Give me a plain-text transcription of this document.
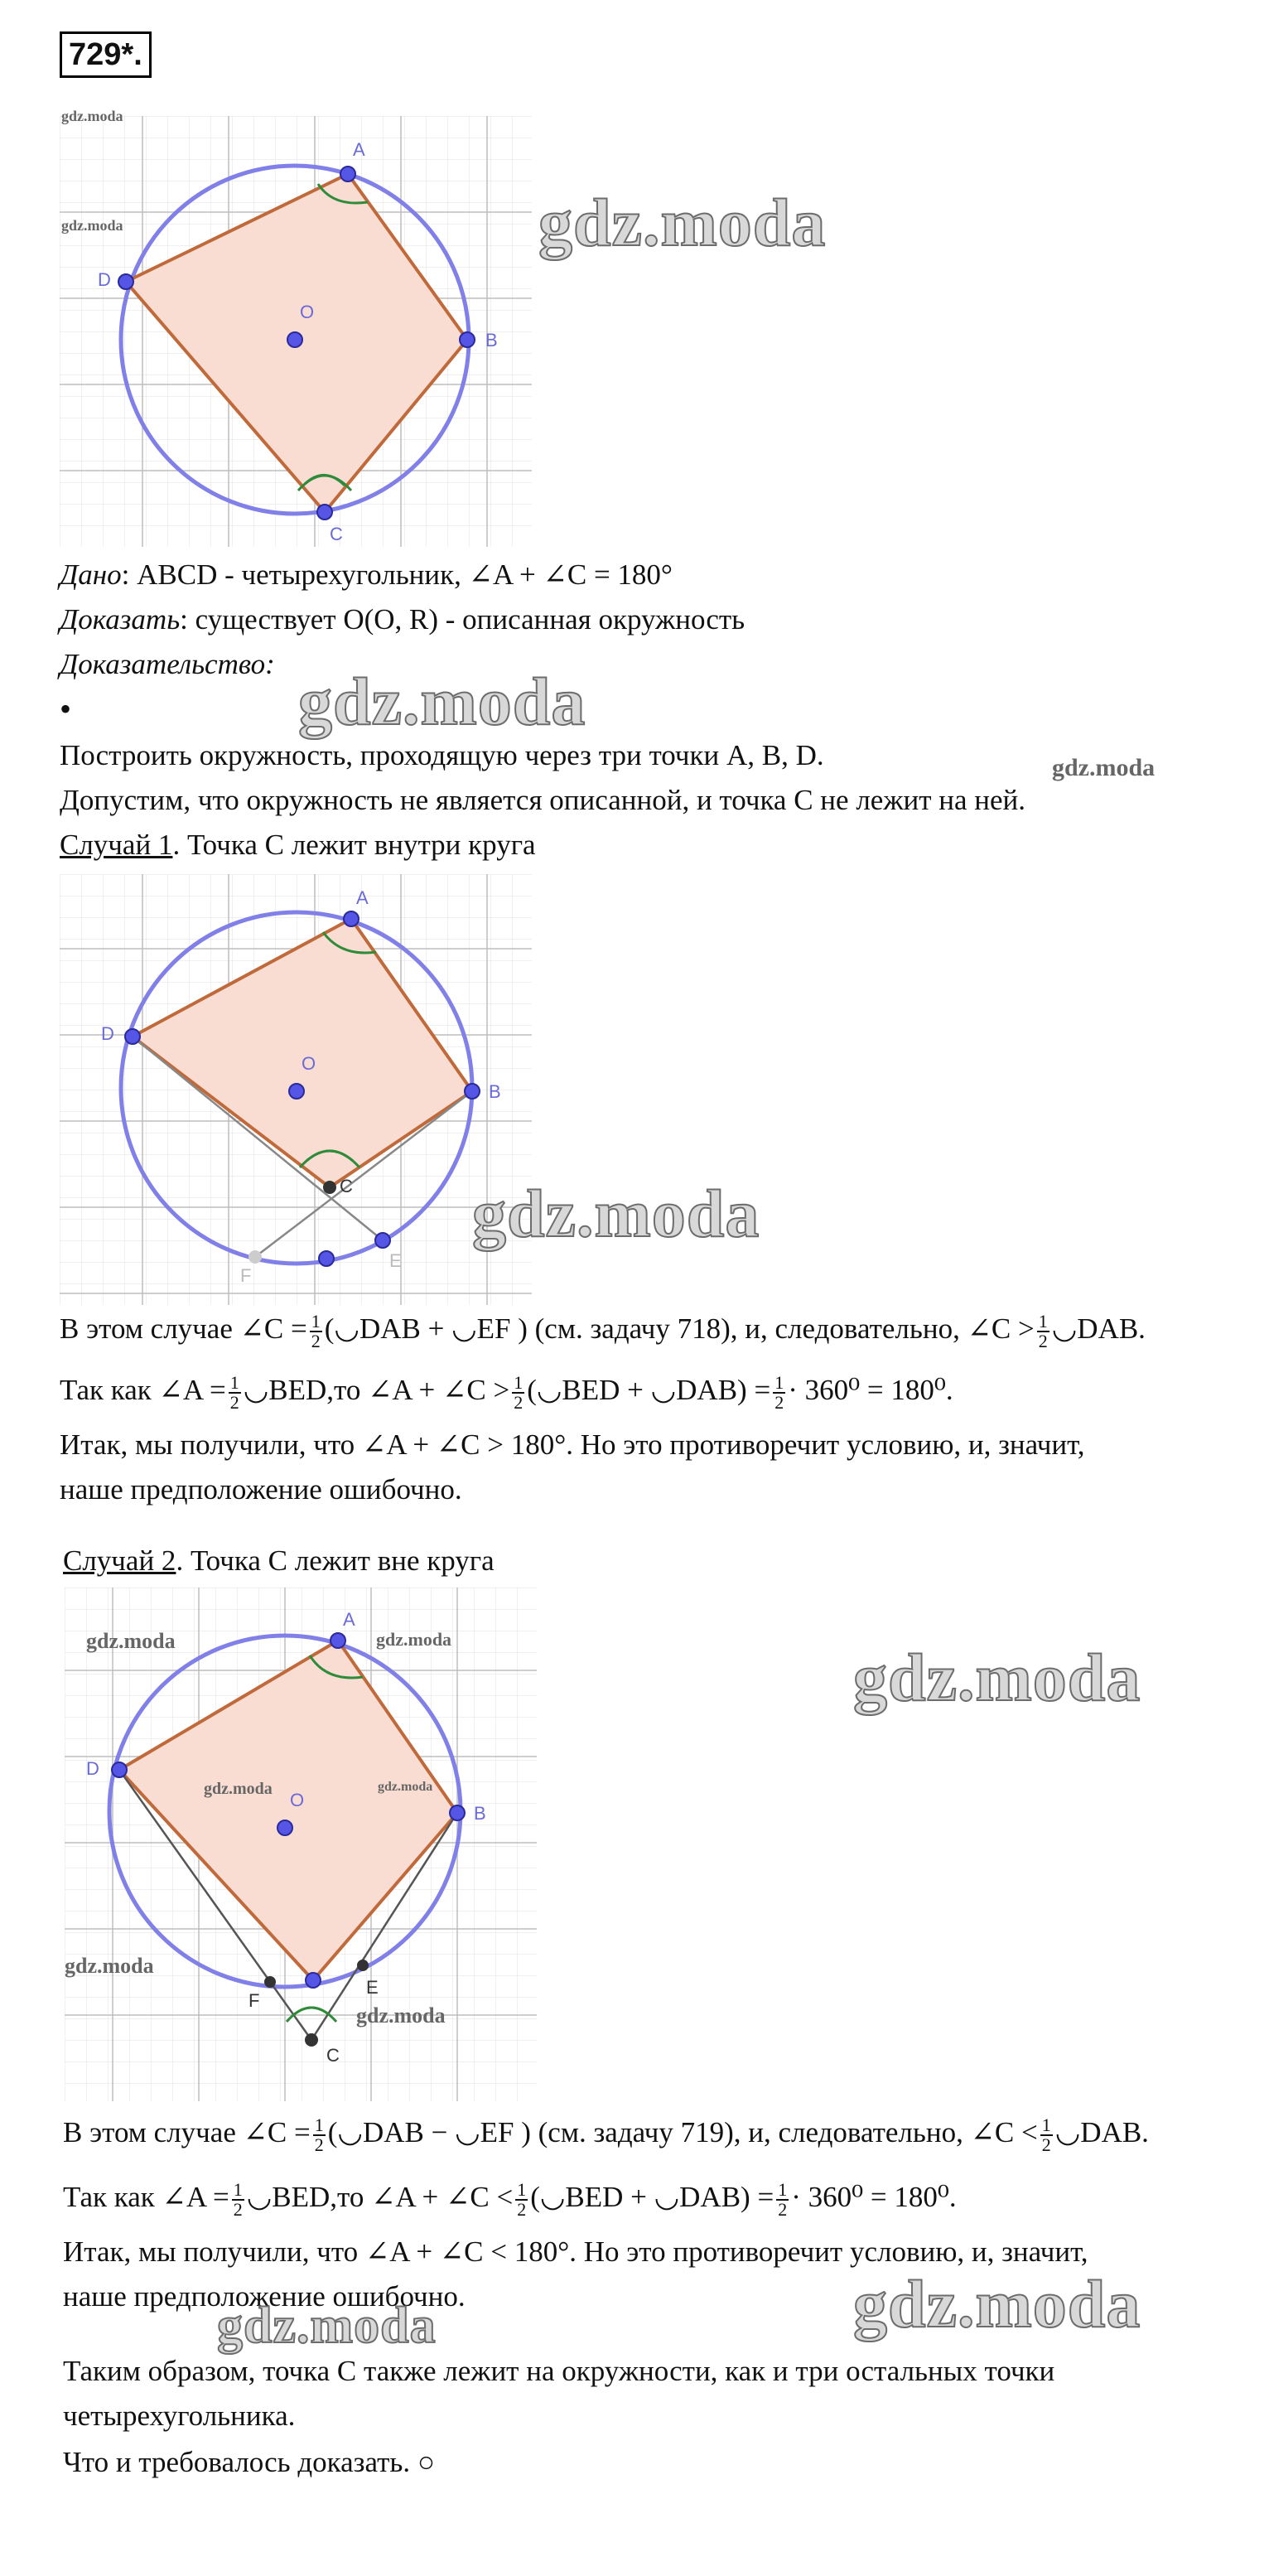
729*.
A
B
C
D
O
gdz.moda
gdz.moda	gdz.moda
Дано: ABCD - четырехугольник, ∠A + ∠C = 180°
Доказать: существует O(O, R) - описанная окружность
Доказательство:
•	gdz.moda
Построить окружность, проходящую через три точки A, B, D.	gdz.moda
Допустим, что окружность не является описанной, и точка C не лежит на ней.
Случай 1. Точка C лежит внутри круга
A
B
D
O
C
E
F
gdz.moda
В этом случае ∠C = $\frac{1}{2}$ (◡DAB + ◡EF ) (см. задачу 718), и, следовательно, ∠C > $\frac{1}{2}$ ◡DAB.
Так как ∠A = $\frac{1}{2}$ ◡BED,то ∠A + ∠C > $\frac{1}{2}$ (◡BED + ◡DAB) = $\frac{1}{2} \cdot 360^0 = 180^0$.
Итак, мы получили, что ∠A + ∠C > 180°. Но это противоречит условию, и, значит,
наше предположение ошибочно.
Случай 2. Точка C лежит вне круга
A
B
D
O
C
E
F
gdz.moda	gdz.moda
gdz.moda	gdz.moda
gdz.moda
gdz.moda
gdz.moda
В этом случае ∠C = $\frac{1}{2}$ (◡DAB − ◡EF ) (см. задачу 719), и, следовательно, ∠C < $\frac{1}{2}$ ◡DAB.
Так как ∠A = $\frac{1}{2}$ ◡BED,то ∠A + ∠C < $\frac{1}{2}$ (◡BED + ◡DAB) = $\frac{1}{2} \cdot 360^0 = 180^0$.
Итак, мы получили, что ∠A + ∠C < 180°. Но это противоречит условию, и, значит,
наше предположение ошибочно.
gdz.moda	gdz.moda
Таким образом, точка C также лежит на окружности, как и три остальных точки
четырехугольника.
Что и требовалось доказать. ○
